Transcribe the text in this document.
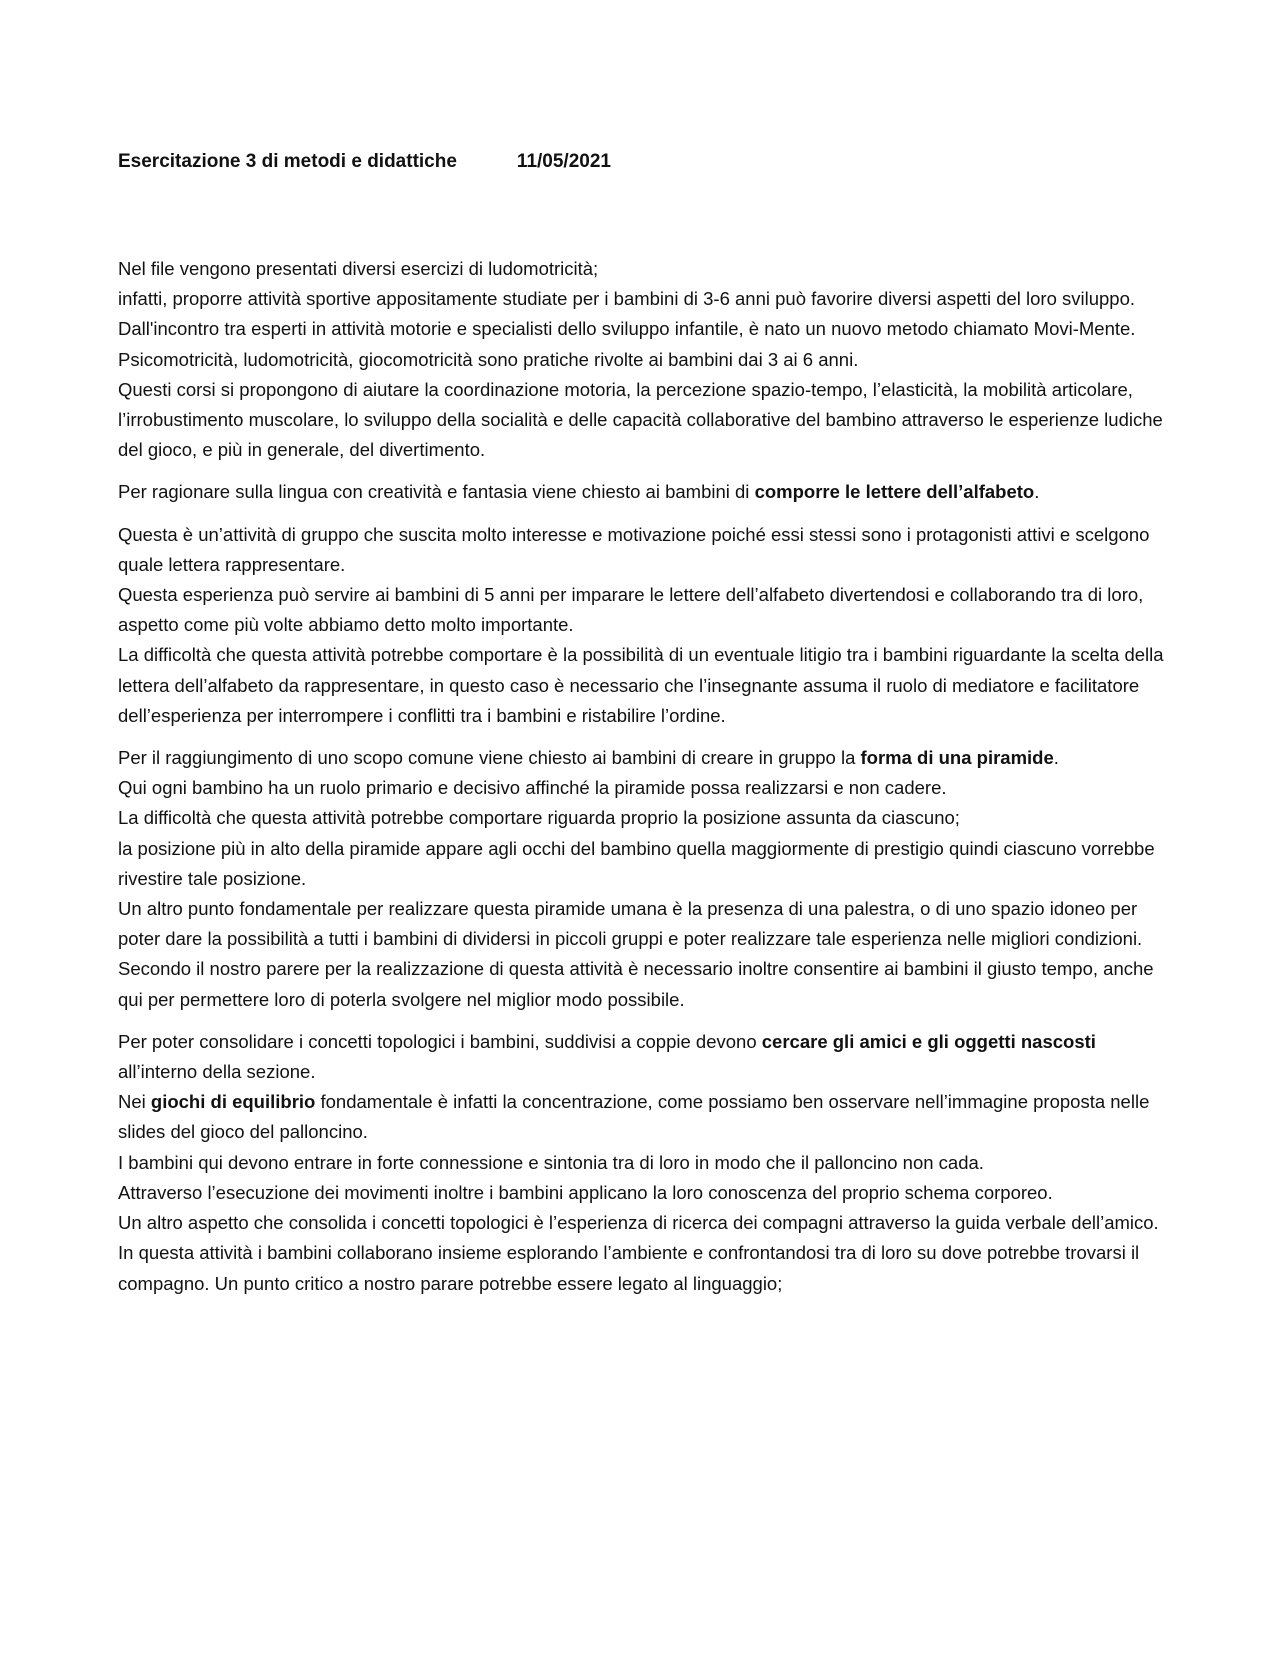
Esercitazione 3 di metodi e didattiche	11/05/2021

Nel file vengono presentati diversi esercizi di ludomotricità;
infatti, proporre attività sportive appositamente studiate per i bambini di 3-6 anni può favorire diversi aspetti del loro sviluppo.
Dall'incontro tra esperti in attività motorie e specialisti dello sviluppo infantile, è nato un nuovo metodo chiamato Movi-Mente.
Psicomotricità, ludomotricità, giocomotricità sono pratiche rivolte ai bambini dai 3 ai 6 anni.
Questi corsi si propongono di aiutare la coordinazione motoria, la percezione spazio-tempo, l’elasticità, la mobilità articolare, l’irrobustimento muscolare, lo sviluppo della socialità e delle capacità collaborative del bambino attraverso le esperienze ludiche del gioco, e più in generale, del divertimento.

Per ragionare sulla lingua con creatività e fantasia viene chiesto ai bambini di comporre le lettere dell’alfabeto.

Questa è un’attività di gruppo che suscita molto interesse e motivazione poiché essi stessi sono i protagonisti attivi e scelgono quale lettera rappresentare.
Questa esperienza può servire ai bambini di 5 anni per imparare le lettere dell’alfabeto divertendosi e collaborando tra di loro, aspetto come più volte abbiamo detto molto importante.
La difficoltà che questa attività potrebbe comportare è la possibilità di un eventuale litigio tra i bambini riguardante la scelta della lettera dell’alfabeto da rappresentare, in questo caso è necessario che l’insegnante assuma il ruolo di mediatore e facilitatore dell’esperienza per interrompere i conflitti tra i bambini e ristabilire l’ordine.

Per il raggiungimento di uno scopo comune viene chiesto ai bambini di creare in gruppo la forma di una piramide.
Qui ogni bambino ha un ruolo primario e decisivo affinché la piramide possa realizzarsi e non cadere.
La difficoltà che questa attività potrebbe comportare riguarda proprio la posizione assunta da ciascuno;
la posizione più in alto della piramide appare agli occhi del bambino quella maggiormente di prestigio quindi ciascuno vorrebbe rivestire tale posizione.
Un altro punto fondamentale per realizzare questa piramide umana è la presenza di una palestra, o di uno spazio idoneo per poter dare la possibilità a tutti i bambini di dividersi in piccoli gruppi e poter realizzare tale esperienza nelle migliori condizioni.
Secondo il nostro parere per la realizzazione di questa attività è necessario inoltre consentire ai bambini il giusto tempo, anche qui per permettere loro di poterla svolgere nel miglior modo possibile.

Per poter consolidare i concetti topologici i bambini, suddivisi a coppie devono cercare gli amici e gli oggetti nascosti all’interno della sezione.
Nei giochi di equilibrio fondamentale è infatti la concentrazione, come possiamo ben osservare nell’immagine proposta nelle slides del gioco del palloncino.
I bambini qui devono entrare in forte connessione e sintonia tra di loro in modo che il palloncino non cada.
Attraverso l’esecuzione dei movimenti inoltre i bambini applicano la loro conoscenza del proprio schema corporeo.
Un altro aspetto che consolida i concetti topologici è l’esperienza di ricerca dei compagni attraverso la guida verbale dell’amico.
In questa attività i bambini collaborano insieme esplorando l’ambiente e confrontandosi tra di loro su dove potrebbe trovarsi il compagno. Un punto critico a nostro parare potrebbe essere legato al linguaggio;
